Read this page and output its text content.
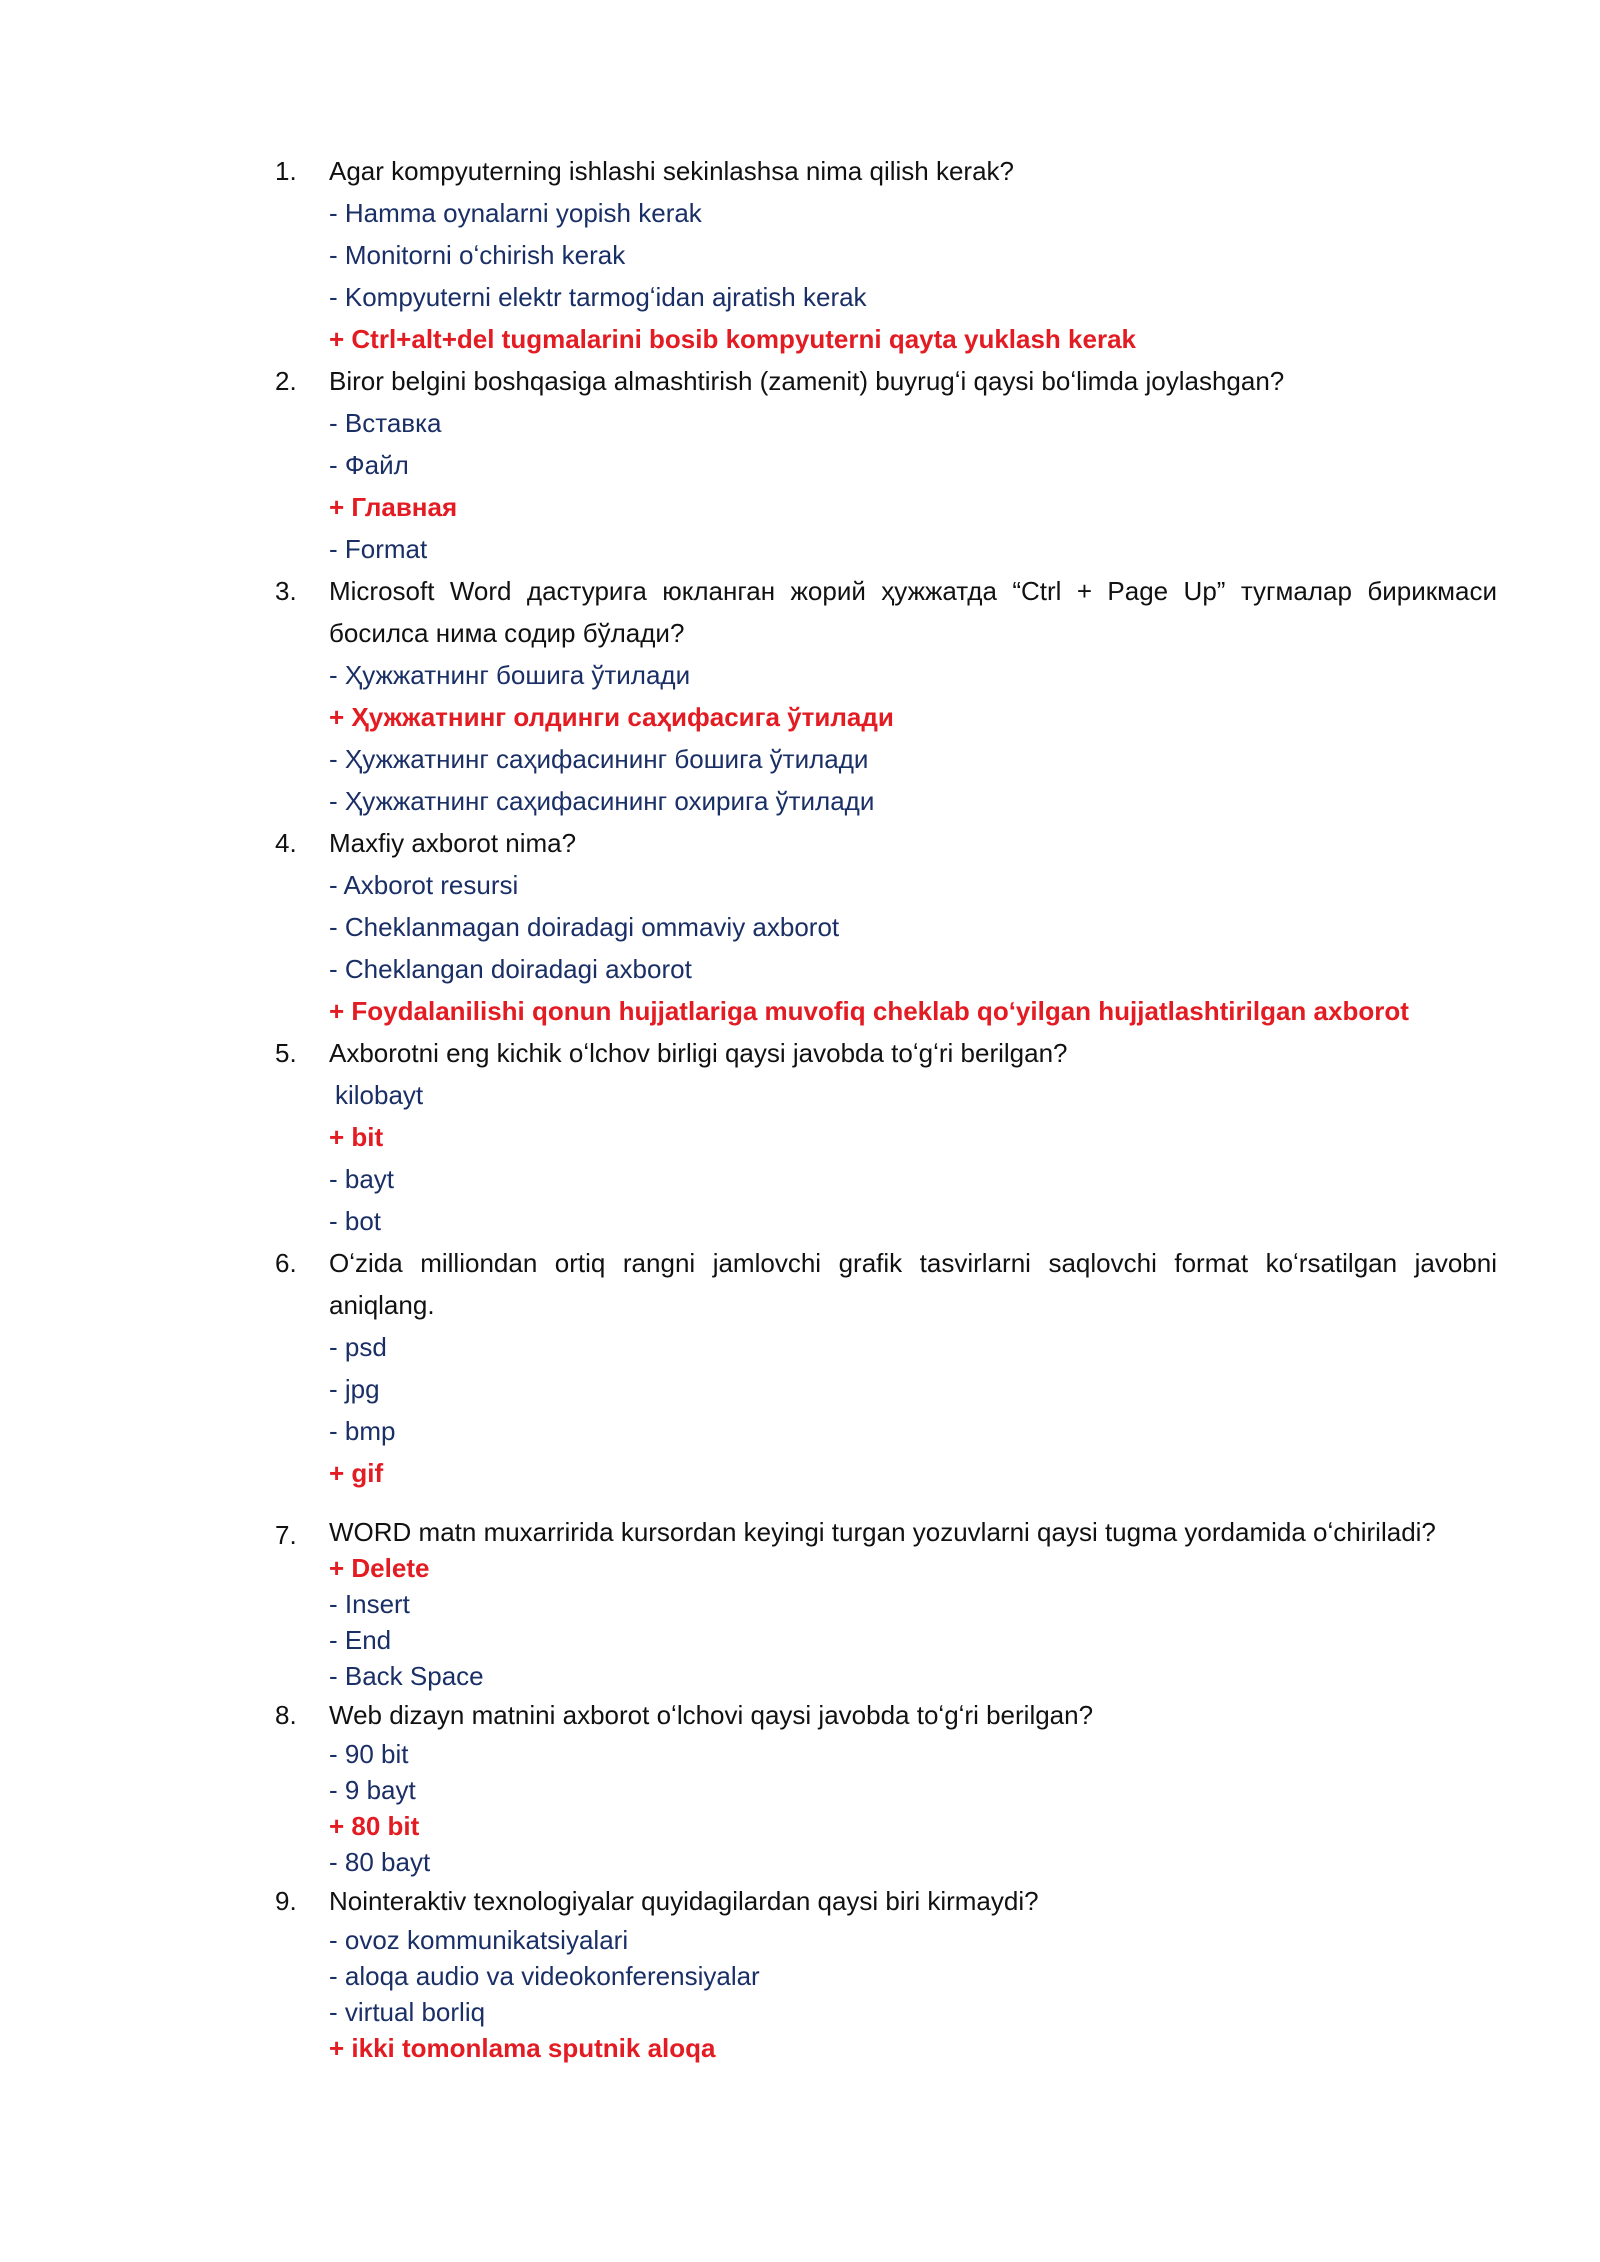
1.	Agar kompyuterning ishlashi sekinlashsa nima qilish kerak?

- Hamma oynalarni yopish kerak
- Monitorni oʻchirish kerak
- Kompyuterni elektr tarmogʻidan ajratish kerak
+ Ctrl+alt+del tugmalarini bosib kompyuterni qayta yuklash kerak
2.	Biror belgini boshqasiga almashtirish (zamenit) buyrugʻi qaysi boʻlimda joylashgan?

- Вставка
- Файл
+ Главная
- Format
3.	Microsoft Word дастурига юкланган жорий ҳужжатда “Ctrl + Page Up” тугмалар бирикмаси босилса нима содир бўлади?

- Ҳужжатнинг бошига ўтилади
+ Ҳужжатнинг олдинги саҳифасига ўтилади
- Ҳужжатнинг саҳифасининг бошига ўтилади
- Ҳужжатнинг саҳифасининг охирига ўтилади
4.	Maxfiy axborot nima?

- Axborot resursi
- Cheklanmagan doiradagi ommaviy axborot
- Cheklangan doiradagi axborot
+ Foydalanilishi qonun hujjatlariga muvofiq cheklab qoʻyilgan hujjatlashtirilgan axborot
5.	Axborotni eng kichik oʻlchov birligi qaysi javobda toʻgʻri berilgan?

kilobayt
+ bit
- bayt
- bot
6.	Oʻzida milliondan ortiq rangni jamlovchi grafik tasvirlarni saqlovchi format koʻrsatilgan javobni aniqlang.

- psd
- jpg
- bmp
+ gif
7.	WORD matn muxarririda kursordan keyingi turgan yozuvlarni qaysi tugma yordamida oʻchiriladi?

+ Delete
- Insert
- End
- Back Space
8.	Web dizayn matnini axborot oʻlchovi qaysi javobda toʻgʻri berilgan?

- 90 bit
- 9 bayt
+ 80 bit
- 80 bayt
9.	Nointeraktiv texnologiyalar quyidagilardan qaysi biri kirmaydi?

- ovoz kommunikatsiyalari
- aloqa audio va videokonferensiyalar
- virtual borliq
+ ikki tomonlama sputnik aloqa
